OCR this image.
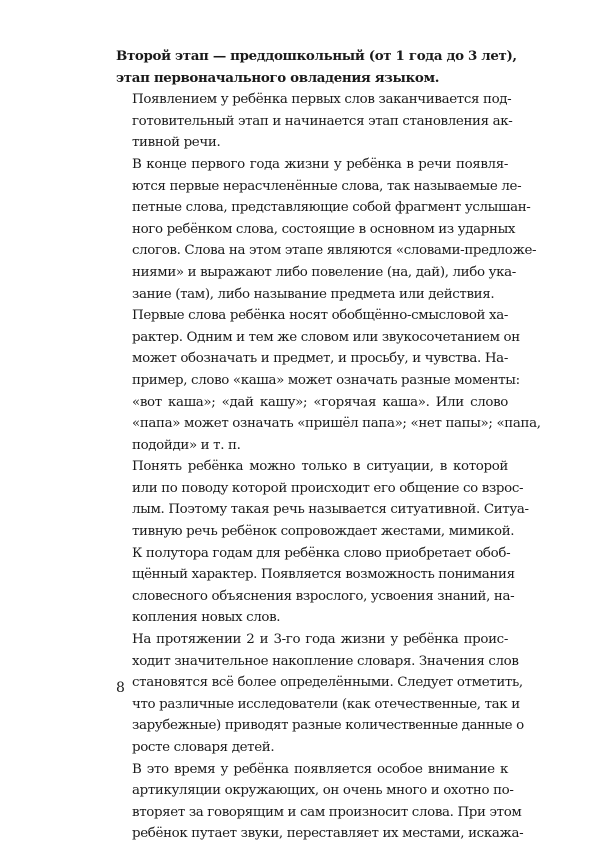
Второй этап — преддошкольный (от 1 года до 3 лет),
этап первоначального овладения языком.

Появлением у ребёнка первых слов заканчивается под-
готовительный этап и начинается этап становления ак-
тивной речи.

В конце первого года жизни у ребёнка в речи появля-
ются первые нерасчленённые слова, так называемые ле-
петные слова, представляющие собой фрагмент услышан-
ного ребёнком слова, состоящие в основном из ударных
слогов. Слова на этом этапе являются «словами-предложе-
ниями» и выражают либо повеление (на, дай), либо ука-
зание (там), либо называние предмета или действия.

Первые слова ребёнка носят обобщённо-смысловой ха-
рактер. Одним и тем же словом или звукосочетанием он
может обозначать и предмет, и просьбу, и чувства. На-
пример, слово «каша» может означать разные моменты:
«вот каша»; «дай кашу»; «горячая каша». Или слово
«папа» может означать «пришёл папа»; «нет папы»; «папа,
подойди» и т. п.

Понять ребёнка можно только в ситуации, в которой
или по поводу которой происходит его общение со взрос-
лым. Поэтому такая речь называется ситуативной. Ситуа-
тивную речь ребёнок сопровождает жестами, мимикой.

К полутора годам для ребёнка слово приобретает обоб-
щённый характер. Появляется возможность понимания
словесного объяснения взрослого, усвоения знаний, на-
копления новых слов.

На протяжении 2 и 3-го года жизни у ребёнка проис-
ходит значительное накопление словаря. Значения слов
становятся всё более определёнными. Следует отметить,
что различные исследователи (как отечественные, так и
зарубежные) приводят разные количественные данные о
росте словаря детей.

В это время у ребёнка появляется особое внимание к
артикуляции окружающих, он очень много и охотно по-
вторяет за говорящим и сам произносит слова. При этом
ребёнок путает звуки, переставляет их местами, искажа-

8
